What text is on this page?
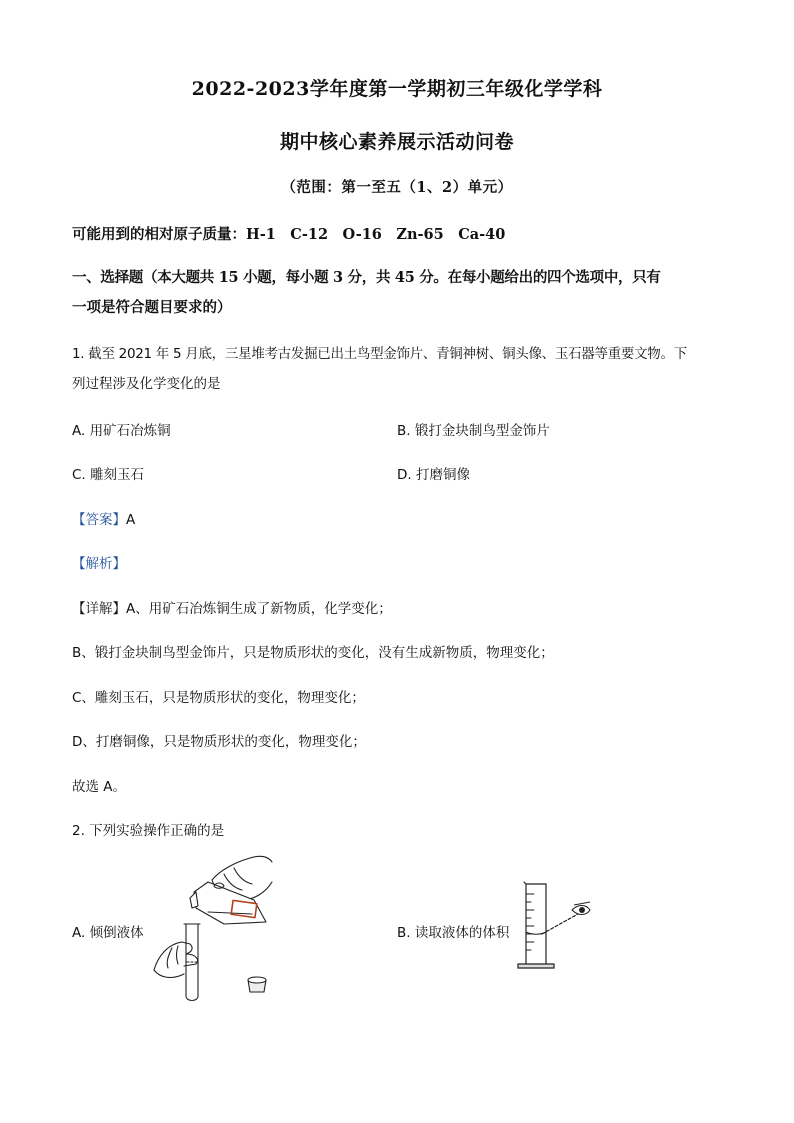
2022-2023学年度第一学期初三年级化学学科
期中核心素养展示活动问卷
（范围：第一至五（1、2）单元）
可能用到的相对原子质量：H-1　C-12　O-16　Zn-65　Ca-40
一、选择题（本大题共 15 小题，每小题 3 分，共 45 分。在每小题给出的四个选项中，只有
一项是符合题目要求的）
1. 截至 2021 年 5 月底，三星堆考古发掘已出土鸟型金饰片、青铜神树、铜头像、玉石器等重要文物。下
列过程涉及化学变化的是
A. 用矿石冶炼铜	B. 锻打金块制鸟型金饰片
C. 雕刻玉石	D. 打磨铜像
【答案】A
【解析】
【详解】A、用矿石冶炼铜生成了新物质，化学变化；
B、锻打金块制鸟型金饰片，只是物质形状的变化，没有生成新物质，物理变化；
C、雕刻玉石，只是物质形状的变化，物理变化；
D、打磨铜像，只是物质形状的变化，物理变化；
故选 A。
2. 下列实验操作正确的是
A. 倾倒液体	B. 读取液体的体积
